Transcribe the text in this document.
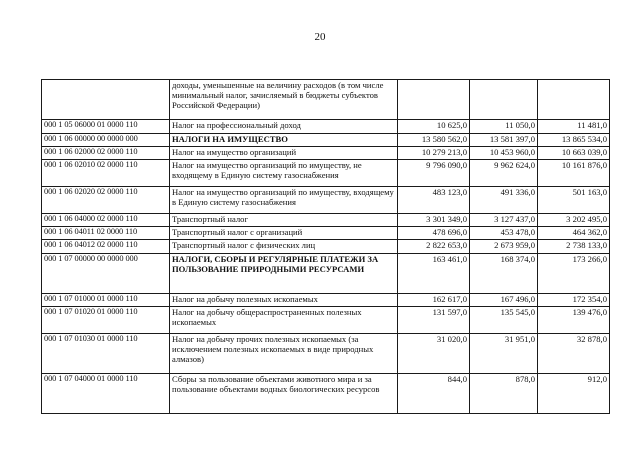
20
	доходы, уменьшенные на величину расходов (в том числе минимальный налог, зачисляемый в бюджеты субъектов Российской Федерации)			
000 1 05 06000 01 0000 110	Налог на профессиональный доход	10 625,0	11 050,0	11 481,0
000 1 06 00000 00 0000 000	НАЛОГИ НА ИМУЩЕСТВО	13 580 562,0	13 581 397,0	13 865 534,0
000 1 06 02000 02 0000 110	Налог на имущество организаций	10 279 213,0	10 453 960,0	10 663 039,0
000 1 06 02010 02 0000 110	Налог на имущество организаций по имуществу, не входящему в Единую систему газоснабжения	9 796 090,0	9 962 624,0	10 161 876,0
000 1 06 02020 02 0000 110	Налог на имущество организаций по имуществу, входящему в Единую систему газоснабжения	483 123,0	491 336,0	501 163,0
000 1 06 04000 02 0000 110	Транспортный налог	3 301 349,0	3 127 437,0	3 202 495,0
000 1 06 04011 02 0000 110	Транспортный налог с организаций	478 696,0	453 478,0	464 362,0
000 1 06 04012 02 0000 110	Транспортный налог с физических лиц	2 822 653,0	2 673 959,0	2 738 133,0
000 1 07 00000 00 0000 000	НАЛОГИ, СБОРЫ И РЕГУЛЯРНЫЕ ПЛАТЕЖИ ЗА ПОЛЬЗОВАНИЕ ПРИРОДНЫМИ РЕСУРСАМИ	163 461,0	168 374,0	173 266,0
000 1 07 01000 01 0000 110	Налог на добычу полезных ископаемых	162 617,0	167 496,0	172 354,0
000 1 07 01020 01 0000 110	Налог на добычу общераспространенных полезных ископаемых	131 597,0	135 545,0	139 476,0
000 1 07 01030 01 0000 110	Налог на добычу прочих полезных ископаемых (за исключением полезных ископаемых в виде природных алмазов)	31 020,0	31 951,0	32 878,0
000 1 07 04000 01 0000 110	Сборы за пользование объектами животного мира и за пользование объектами водных биологических ресурсов	844,0	878,0	912,0
